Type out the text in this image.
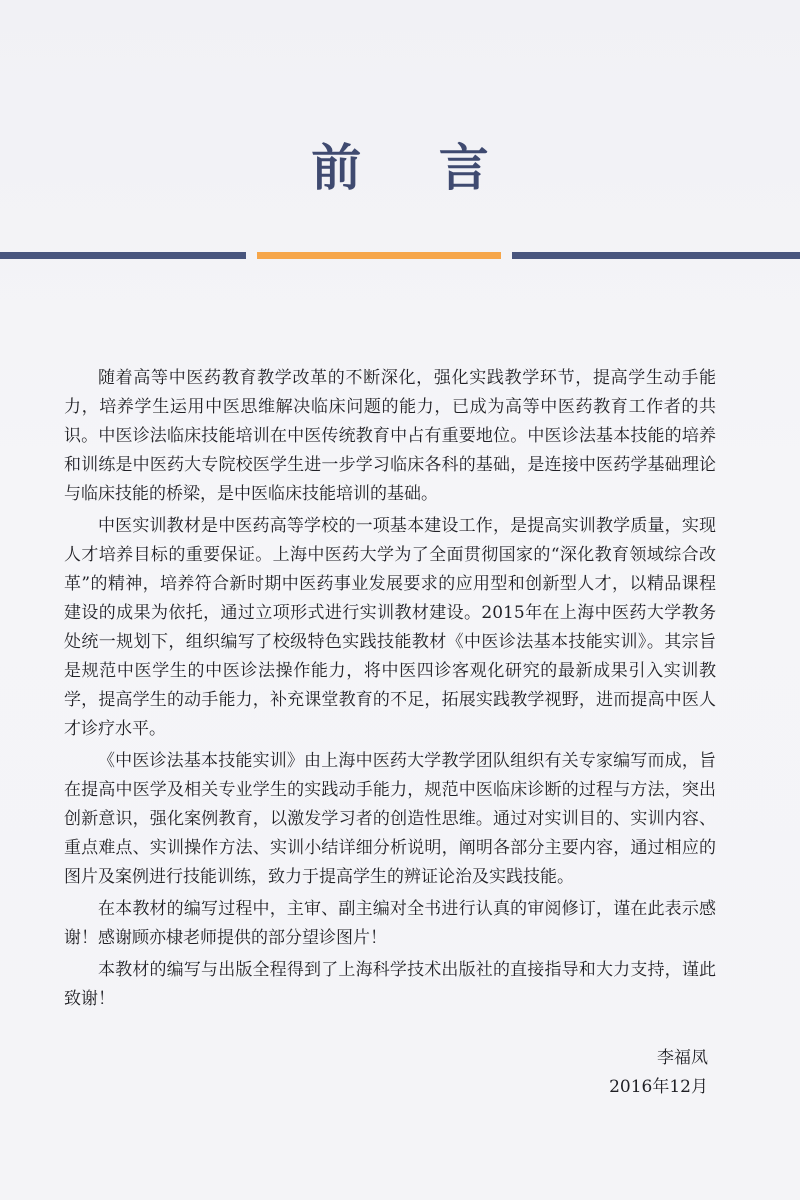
前 言

随着高等中医药教育教学改革的不断深化，强化实践教学环节，提高学生动手能力，培养学生运用中医思维解决临床问题的能力，已成为高等中医药教育工作者的共识。中医诊法临床技能培训在中医传统教育中占有重要地位。中医诊法基本技能的培养和训练是中医药大专院校医学生进一步学习临床各科的基础，是连接中医药学基础理论与临床技能的桥梁，是中医临床技能培训的基础。

中医实训教材是中医药高等学校的一项基本建设工作，是提高实训教学质量，实现人才培养目标的重要保证。上海中医药大学为了全面贯彻国家的“深化教育领域综合改革”的精神，培养符合新时期中医药事业发展要求的应用型和创新型人才，以精品课程建设的成果为依托，通过立项形式进行实训教材建设。2015年在上海中医药大学教务处统一规划下，组织编写了校级特色实践技能教材《中医诊法基本技能实训》。其宗旨是规范中医学生的中医诊法操作能力，将中医四诊客观化研究的最新成果引入实训教学，提高学生的动手能力，补充课堂教育的不足，拓展实践教学视野，进而提高中医人才诊疗水平。

《中医诊法基本技能实训》由上海中医药大学教学团队组织有关专家编写而成，旨在提高中医学及相关专业学生的实践动手能力，规范中医临床诊断的过程与方法，突出创新意识，强化案例教育，以激发学习者的创造性思维。通过对实训目的、实训内容、重点难点、实训操作方法、实训小结详细分析说明，阐明各部分主要内容，通过相应的图片及案例进行技能训练，致力于提高学生的辨证论治及实践技能。

在本教材的编写过程中，主审、副主编对全书进行认真的审阅修订，谨在此表示感谢！感谢顾亦棣老师提供的部分望诊图片！

本教材的编写与出版全程得到了上海科学技术出版社的直接指导和大力支持，谨此致谢！

李福凤
2016年12月
